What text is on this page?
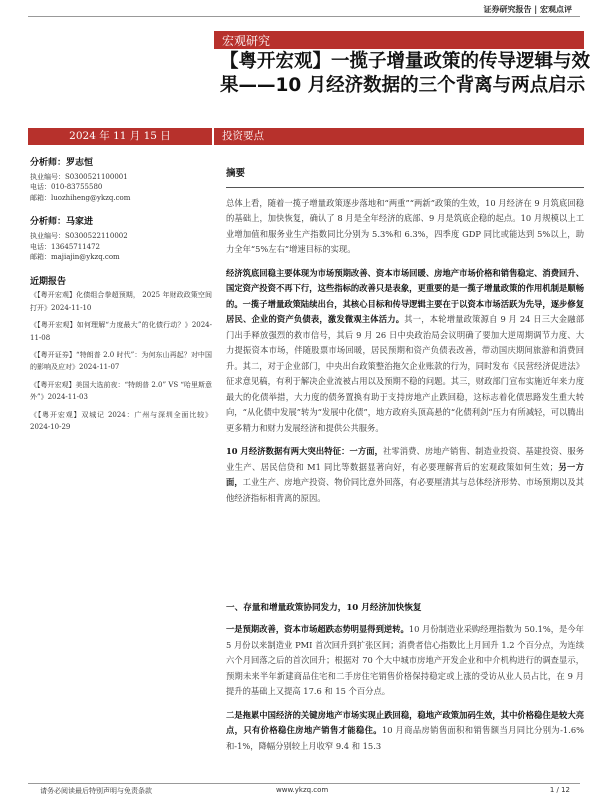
证券研究报告 | 宏观点评
宏观研究
【粤开宏观】一揽子增量政策的传导逻辑与效果——10 月经济数据的三个背离与两点启示
2024 年 11 月 15 日	投资要点
分析师：罗志恒
执业编号：S0300521100001
电话：010-83755580
邮箱：luozhiheng@ykzq.com
分析师：马家进
执业编号：S0300522110002
电话：13645711472
邮箱：majiajin@ykzq.com
近期报告
《【粤开宏观】化债组合拳超预期， 2025 年财政政策空间打开》2024-11-10
《【粤开宏观】如何理解“力度最大”的化债行动？》2024-11-08
《【粤开证券】“特朗普 2.0 时代”：为何东山再起？对中国的影响及应对》2024-11-07
《【粤开宏观】美国大选前夜：“特朗普 2.0” VS “哈里斯意外”》2024-11-03
《【粤开宏观】双城记 2024：广州与深圳全面比较》2024-10-29
摘要
总体上看，随着一揽子增量政策逐步落地和“两重”“两新”政策的生效，10 月经济在 9 月筑底回稳的基础上，加快恢复，确认了 8 月是全年经济的底部、9 月是筑底企稳的起点。10 月规模以上工业增加值和服务业生产指数同比分别为 5.3%和 6.3%，四季度 GDP 同比或能达到 5%以上，助力全年“5%左右”增速目标的实现。
经济筑底回稳主要体现为市场预期改善、资本市场回暖、房地产市场价格和销售稳定、消费回升、国定资产投资不再下行，这些指标的改善只是表象，更重要的是一揽子增量政策的作用机制是顺畅的。一揽子增量政策陆续出台，其核心目标和传导逻辑主要在于以资本市场活跃为先导，逐步修复居民、企业的资产负债表，激发微观主体活力。其一，本轮增量政策源自 9 月 24 日三大金融部门出手释放强烈的救市信号，其后 9 月 26 日中央政治局会议明确了要加大逆周期调节力度、大力提振资本市场，伴随股票市场回暖，居民预期和资产负债表改善，带动国庆期间旅游和消费回升。其二，对于企业部门，中央出台政策整治拖欠企业账款的行为，同时发布《民营经济促进法》征求意见稿，有利于解决企业流被占用以及预期不稳的问题。其三，财政部门宣布实施近年来力度最大的化债举措，大力度的债务置换有助于支持房地产止跌回稳，这标志着化债思路发生重大转向，“从化债中发展”转为“发展中化债”，地方政府头顶高悬的“化债利剑”压力有所减轻，可以腾出更多精力和财力发展经济和提供公共服务。
10 月经济数据有两大突出特征：一方面，社零消费、房地产销售、制造业投资、基建投资、服务业生产、居民信贷和 M1 同比等数据显著向好，有必要理解背后的宏观政策如何生效；另一方面，工业生产、房地产投资、物价同比意外回落，有必要厘清其与总体经济形势、市场预期以及其他经济指标相背离的原因。
一、存量和增量政策协同发力，10 月经济加快恢复
一是预期改善，资本市场超跌态势明显得到逆转。10 月份制造业采购经理指数为 50.1%，是今年 5 月份以来制造业 PMI 首次回升到扩张区间；消费者信心指数比上月回升 1.2 个百分点，为连续六个月回落之后的首次回升；根据对 70 个大中城市房地产开发企业和中介机构进行的调查显示，预期未来半年新建商品住宅和二手房住宅销售价格保持稳定或上涨的受访从业人员占比，在 9 月提升的基础上又提高 17.6 和 15 个百分点。
二是拖累中国经济的关键房地产市场实现止跌回稳，稳地产政策加码生效，其中价格稳住是较大亮点，只有价格稳住房地产销售才能稳住。10 月商品房销售面积和销售额当月同比分别为-1.6%和-1%，降幅分别较上月收窄 9.4 和 15.3
请务必阅读最后特别声明与免责条款	www.ykzq.com	1 / 12
